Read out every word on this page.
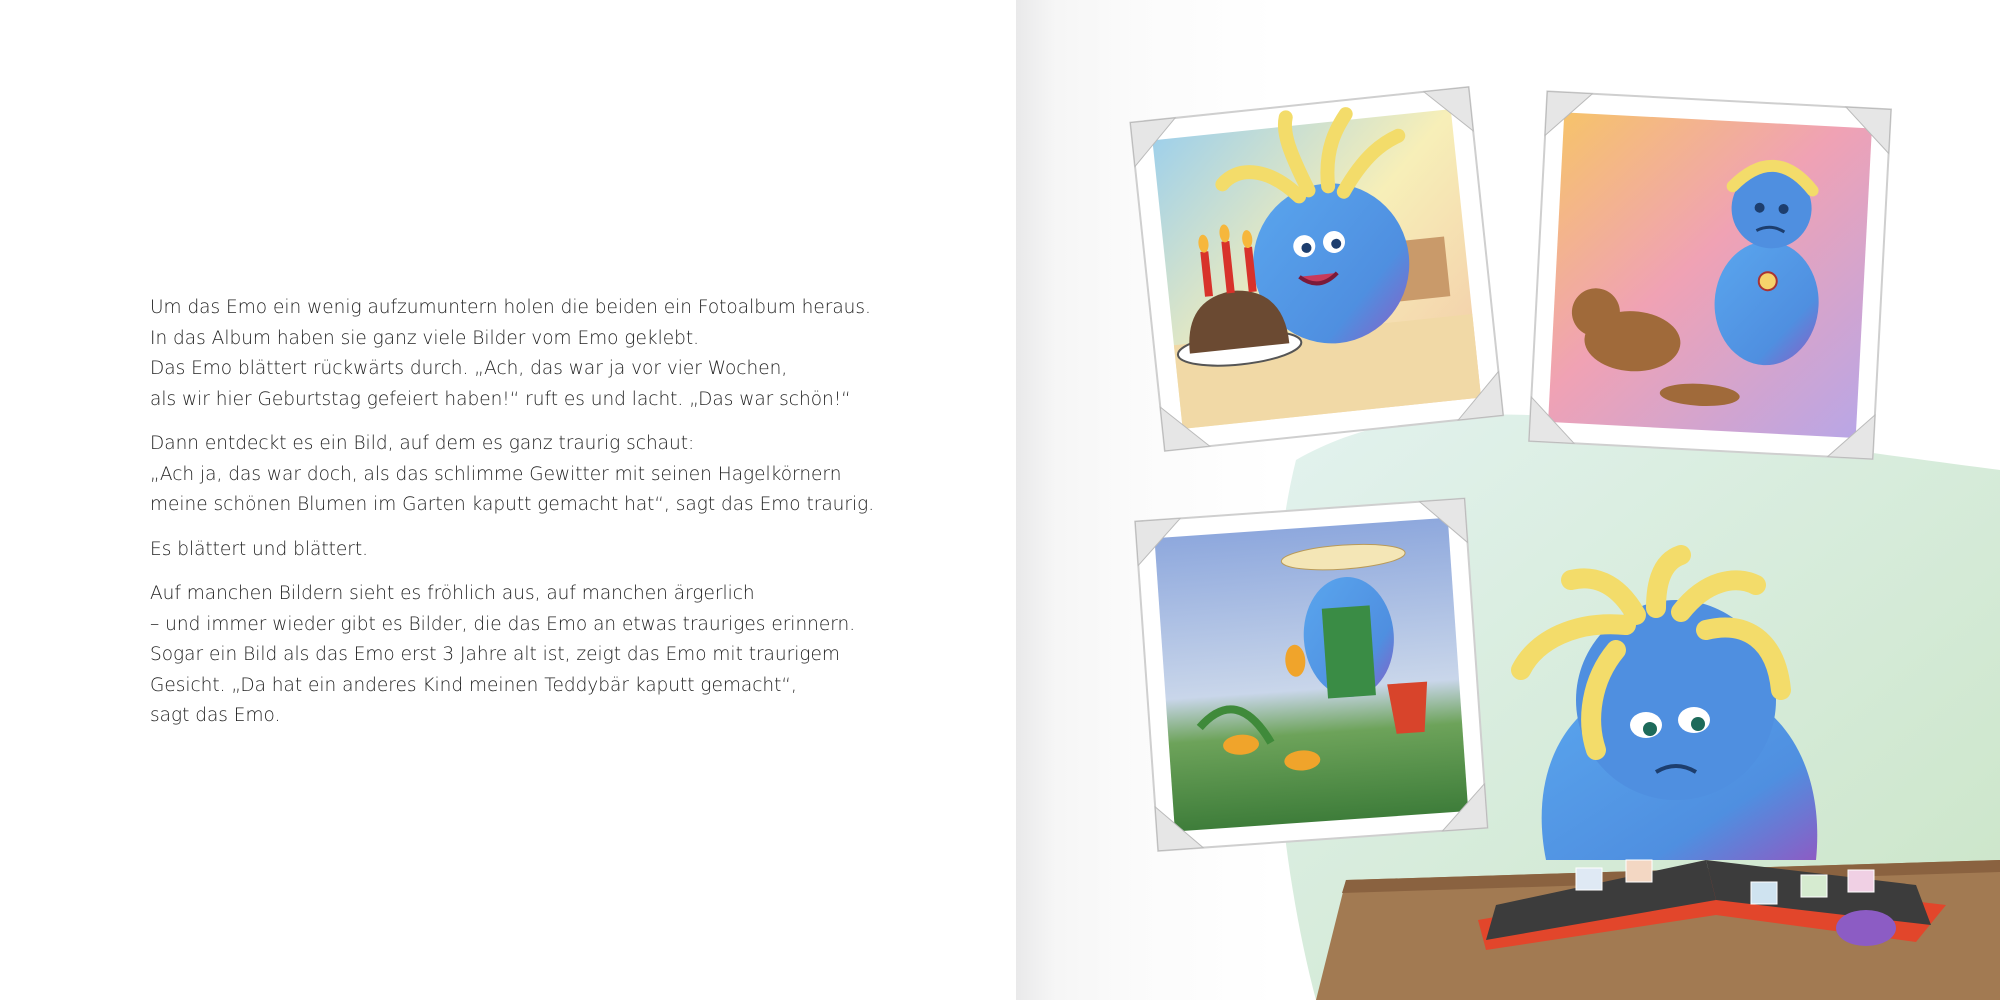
Um das Emo ein wenig aufzumuntern holen die beiden ein Fotoalbum heraus.
In das Album haben sie ganz viele Bilder vom Emo geklebt.
Das Emo blättert rückwärts durch. „Ach, das war ja vor vier Wochen,
als wir hier Geburtstag gefeiert haben!“ ruft es und lacht. „Das war schön!“

Dann entdeckt es ein Bild, auf dem es ganz traurig schaut:
„Ach ja, das war doch, als das schlimme Gewitter mit seinen Hagelkörnern
meine schönen Blumen im Garten kaputt gemacht hat“, sagt das Emo traurig.

Es blättert und blättert.

Auf manchen Bildern sieht es fröhlich aus, auf manchen ärgerlich
– und immer wieder gibt es Bilder, die das Emo an etwas trauriges erinnern.
Sogar ein Bild als das Emo erst 3 Jahre alt ist, zeigt das Emo mit traurigem
Gesicht. „Da hat ein anderes Kind meinen Teddybär kaputt gemacht“,
sagt das Emo.
